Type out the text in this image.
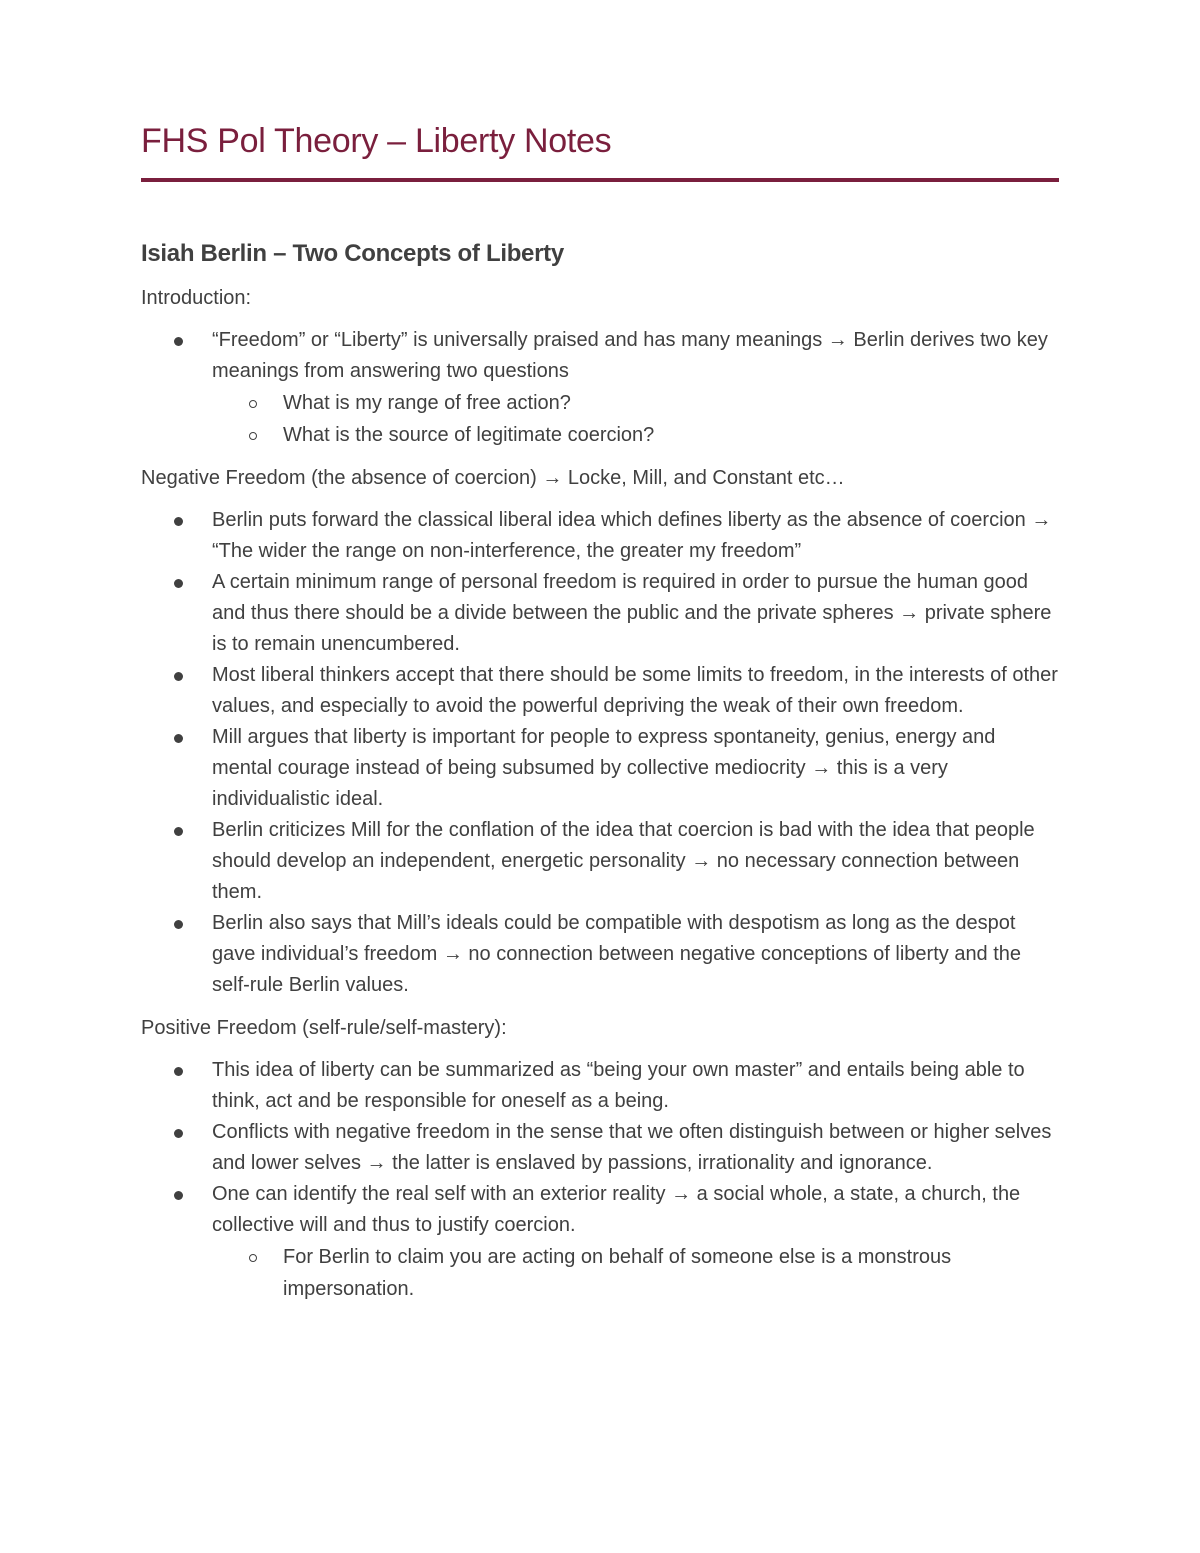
FHS Pol Theory – Liberty Notes
Isiah Berlin – Two Concepts of Liberty
Introduction:
“Freedom” or “Liberty” is universally praised and has many meanings → Berlin derives two key meanings from answering two questions
What is my range of free action?
What is the source of legitimate coercion?
Negative Freedom (the absence of coercion) → Locke, Mill, and Constant etc…
Berlin puts forward the classical liberal idea which defines liberty as the absence of coercion → “The wider the range on non-interference, the greater my freedom”
A certain minimum range of personal freedom is required in order to pursue the human good and thus there should be a divide between the public and the private spheres → private sphere is to remain unencumbered.
Most liberal thinkers accept that there should be some limits to freedom, in the interests of other values, and especially to avoid the powerful depriving the weak of their own freedom.
Mill argues that liberty is important for people to express spontaneity, genius, energy and mental courage instead of being subsumed by collective mediocrity → this is a very individualistic ideal.
Berlin criticizes Mill for the conflation of the idea that coercion is bad with the idea that people should develop an independent, energetic personality → no necessary connection between them.
Berlin also says that Mill’s ideals could be compatible with despotism as long as the despot gave individual’s freedom → no connection between negative conceptions of liberty and the self-rule Berlin values.
Positive Freedom (self-rule/self-mastery):
This idea of liberty can be summarized as “being your own master” and entails being able to think, act and be responsible for oneself as a being.
Conflicts with negative freedom in the sense that we often distinguish between or higher selves and lower selves → the latter is enslaved by passions, irrationality and ignorance.
One can identify the real self with an exterior reality → a social whole, a state, a church, the collective will and thus to justify coercion.
For Berlin to claim you are acting on behalf of someone else is a monstrous impersonation.
